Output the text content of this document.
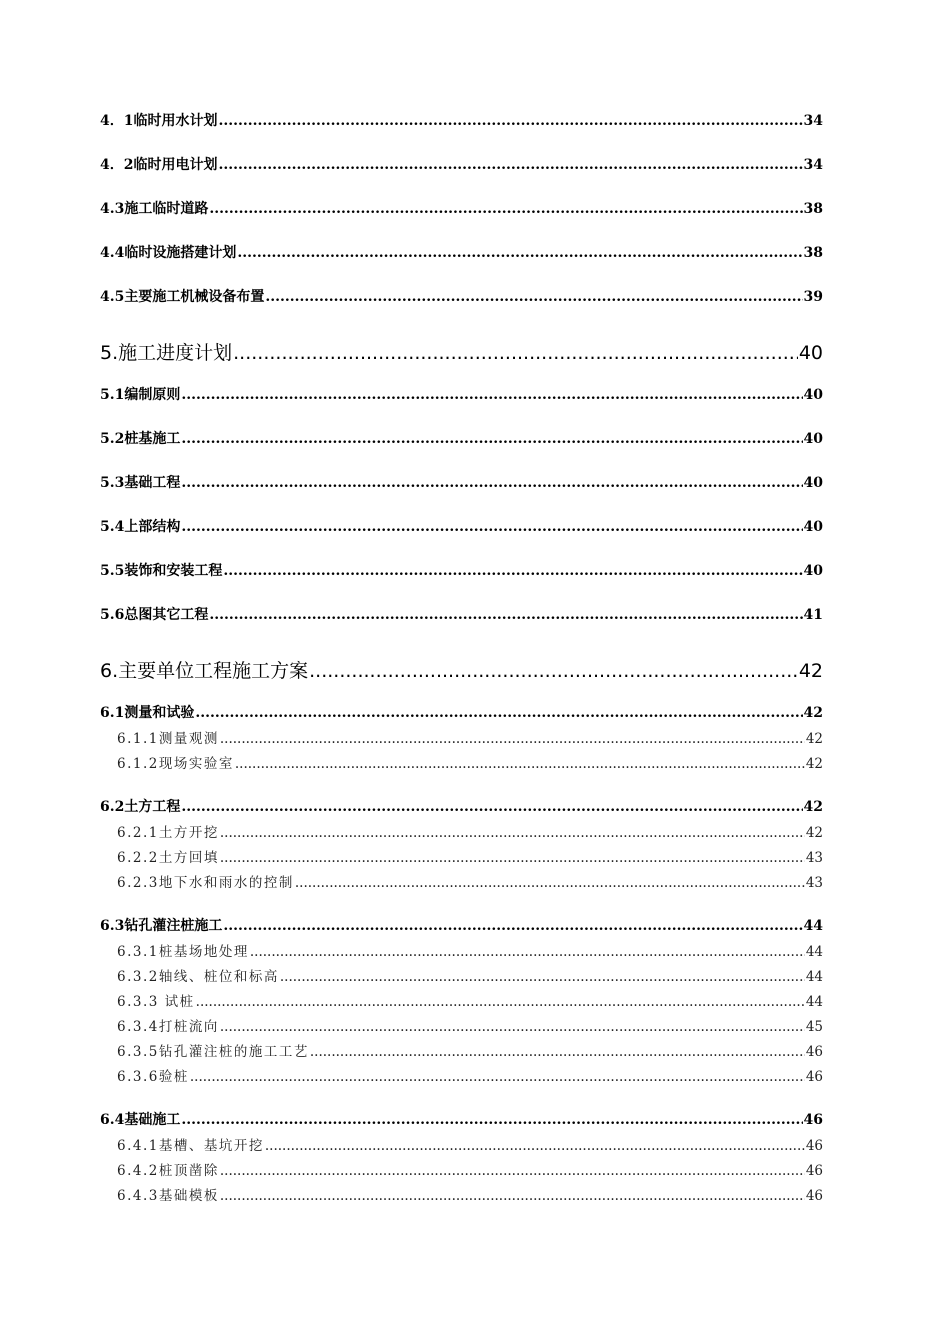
4．1临时用水计划 .....	34
4．2临时用电计划 .....	34
4.3施工临时道路 .....	38
4.4临时设施搭建计划 .....	38
4.5主要施工机械设备布置 .....	39
5.施工进度计划 .....	40
5.1编制原则 .....	40
5.2桩基施工 .....	40
5.3基础工程 .....	40
5.4上部结构 .....	40
5.5装饰和安装工程 .....	40
5.6总图其它工程 .....	41
6.主要单位工程施工方案 .....	42
6.1测量和试验 .....	42
6.1.1测量观测 .....	42
6.1.2现场实验室 .....	42
6.2土方工程 .....	42
6.2.1土方开挖 .....	42
6.2.2土方回填 .....	43
6.2.3地下水和雨水的控制 .....	43
6.3钻孔灌注桩施工 .....	44
6.3.1桩基场地处理 .....	44
6.3.2轴线、桩位和标高 .....	44
6.3.3 试桩 .....	44
6.3.4打桩流向 .....	45
6.3.5钻孔灌注桩的施工工艺 .....	46
6.3.6验桩 .....	46
6.4基础施工 .....	46
6.4.1基槽、基坑开挖 .....	46
6.4.2桩顶凿除 .....	46
6.4.3基础模板 .....	46
